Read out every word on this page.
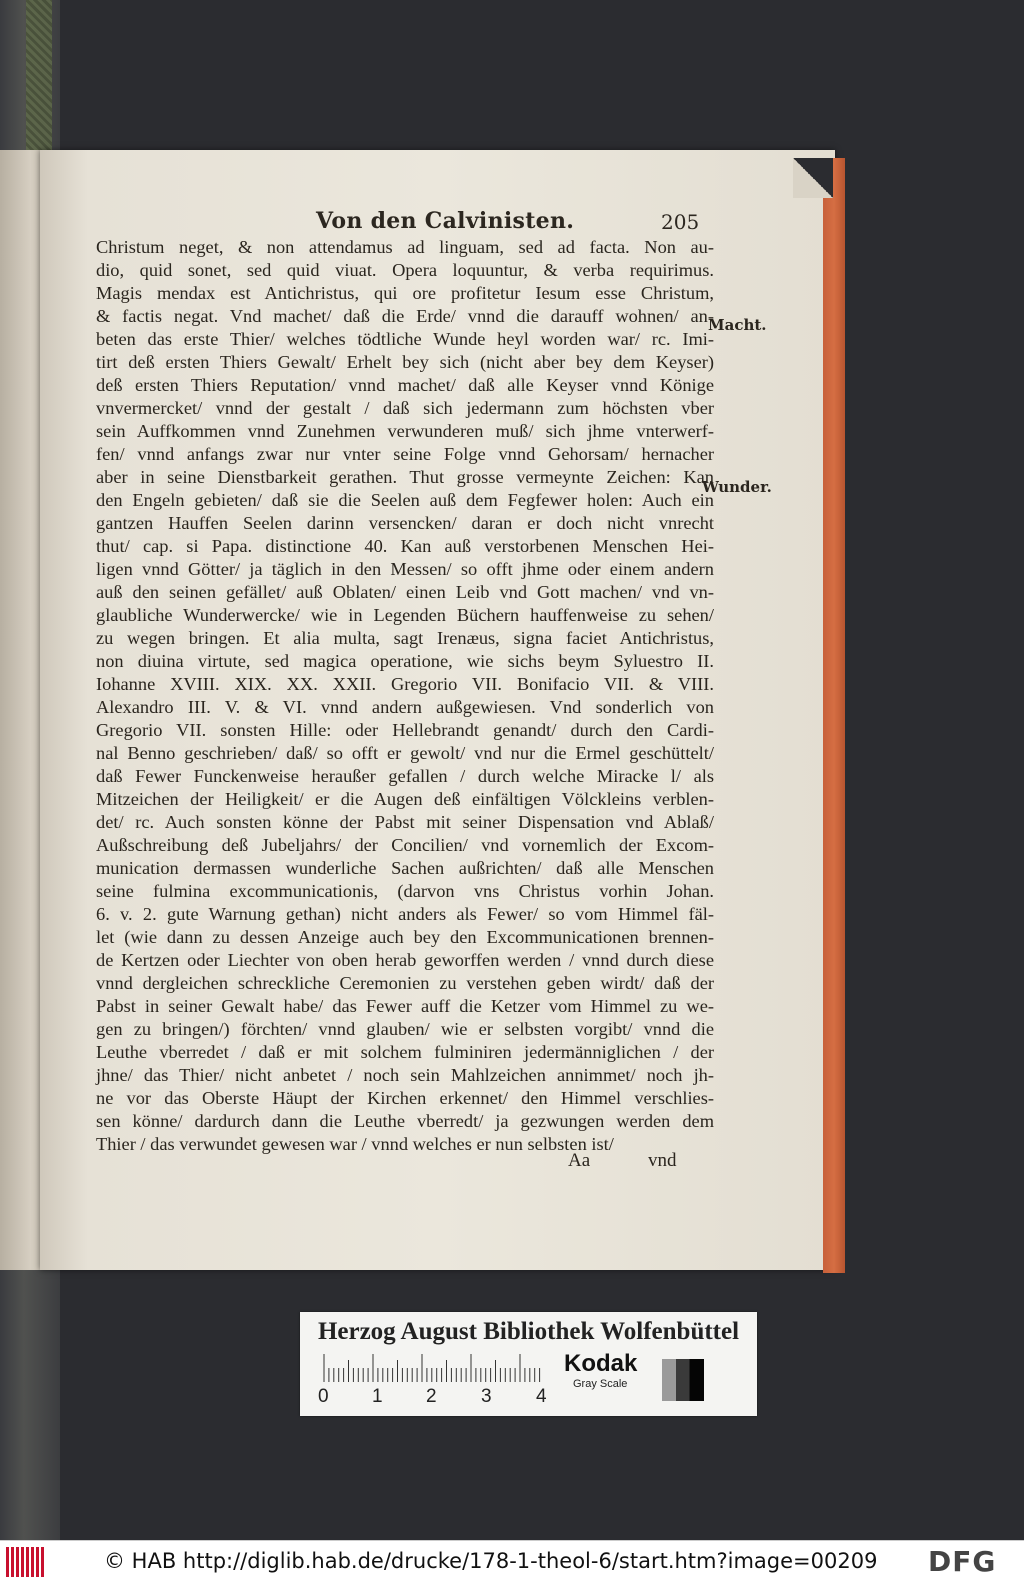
Von den Calvinisten.	205
Christum neget, & non attendamus ad linguam, sed ad facta. Non au-
dio, quid sonet, sed quid viuat. Opera loquuntur, & verba requirimus.
Magis mendax est Antichristus, qui ore profitetur Iesum esse Christum,
& factis negat. Vnd machet/ daß die Erde/ vnnd die darauff wohnen/ an-
beten das erste Thier/ welches tödtliche Wunde heyl worden war/ rc. Imi-
tirt deß ersten Thiers Gewalt/ Erhelt bey sich (nicht aber bey dem Keyser)
deß ersten Thiers Reputation/ vnnd machet/ daß alle Keyser vnnd Könige
vnvermercket/ vnnd der gestalt / daß sich jedermann zum höchsten vber
sein Auffkommen vnnd Zunehmen verwunderen muß/ sich jhme vnterwerf-
fen/ vnnd anfangs zwar nur vnter seine Folge vnnd Gehorsam/ hernacher
aber in seine Dienstbarkeit gerathen. Thut grosse vermeynte Zeichen: Kan
den Engeln gebieten/ daß sie die Seelen auß dem Fegfewer holen: Auch ein
gantzen Hauffen Seelen darinn versencken/ daran er doch nicht vnrecht
thut/ cap. si Papa. distinctione 40. Kan auß verstorbenen Menschen Hei-
ligen vnnd Götter/ ja täglich in den Messen/ so offt jhme oder einem andern
auß den seinen gefället/ auß Oblaten/ einen Leib vnd Gott machen/ vnd vn-
glaubliche Wunderwercke/ wie in Legenden Büchern hauffenweise zu sehen/
zu wegen bringen. Et alia multa, sagt Irenæus, signa faciet Antichristus,
non diuina virtute, sed magica operatione, wie sichs beym Syluestro II.
Iohanne XVIII. XIX. XX. XXII. Gregorio VII. Bonifacio VII. & VIII.
Alexandro III. V. & VI. vnnd andern außgewiesen. Vnd sonderlich von
Gregorio VII. sonsten Hille: oder Hellebrandt genandt/ durch den Cardi-
nal Benno geschrieben/ daß/ so offt er gewolt/ vnd nur die Ermel geschüttelt/
daß Fewer Funckenweise heraußer gefallen / durch welche Miracke l/ als
Mitzeichen der Heiligkeit/ er die Augen deß einfältigen Völckleins verblen-
det/ rc. Auch sonsten könne der Pabst mit seiner Dispensation vnd Ablaß/
Außschreibung deß Jubeljahrs/ der Concilien/ vnd vornemlich der Excom-
munication dermassen wunderliche Sachen außrichten/ daß alle Menschen
seine fulmina excommunicationis, (darvon vns Christus vorhin Johan.
6. v. 2. gute Warnung gethan) nicht anders als Fewer/ so vom Himmel fäl-
let (wie dann zu dessen Anzeige auch bey den Excommunicationen brennen-
de Kertzen oder Liechter von oben herab geworffen werden / vnnd durch diese
vnnd dergleichen schreckliche Ceremonien zu verstehen geben wirdt/ daß der
Pabst in seiner Gewalt habe/ das Fewer auff die Ketzer vom Himmel zu we-
gen zu bringen/) förchten/ vnnd glauben/ wie er selbsten vorgibt/ vnnd die
Leuthe vberredet / daß er mit solchem fulminiren jedermänniglichen / der
jhne/ das Thier/ nicht anbetet / noch sein Mahlzeichen annimmet/ noch jh-
ne vor das Oberste Häupt der Kirchen erkennet/ den Himmel verschlies-
sen könne/ dardurch dann die Leuthe vberredt/ ja gezwungen werden dem
Thier / das verwundet gewesen war / vnnd welches er nun selbsten ist/
Macht.
Wunder.
Aa	vnd
Herzog August Bibliothek Wolfenbüttel
0 1 2 3 4
Kodak
Gray Scale
© HAB http://diglib.hab.de/drucke/178-1-theol-6/start.htm?image=00209 DFG
